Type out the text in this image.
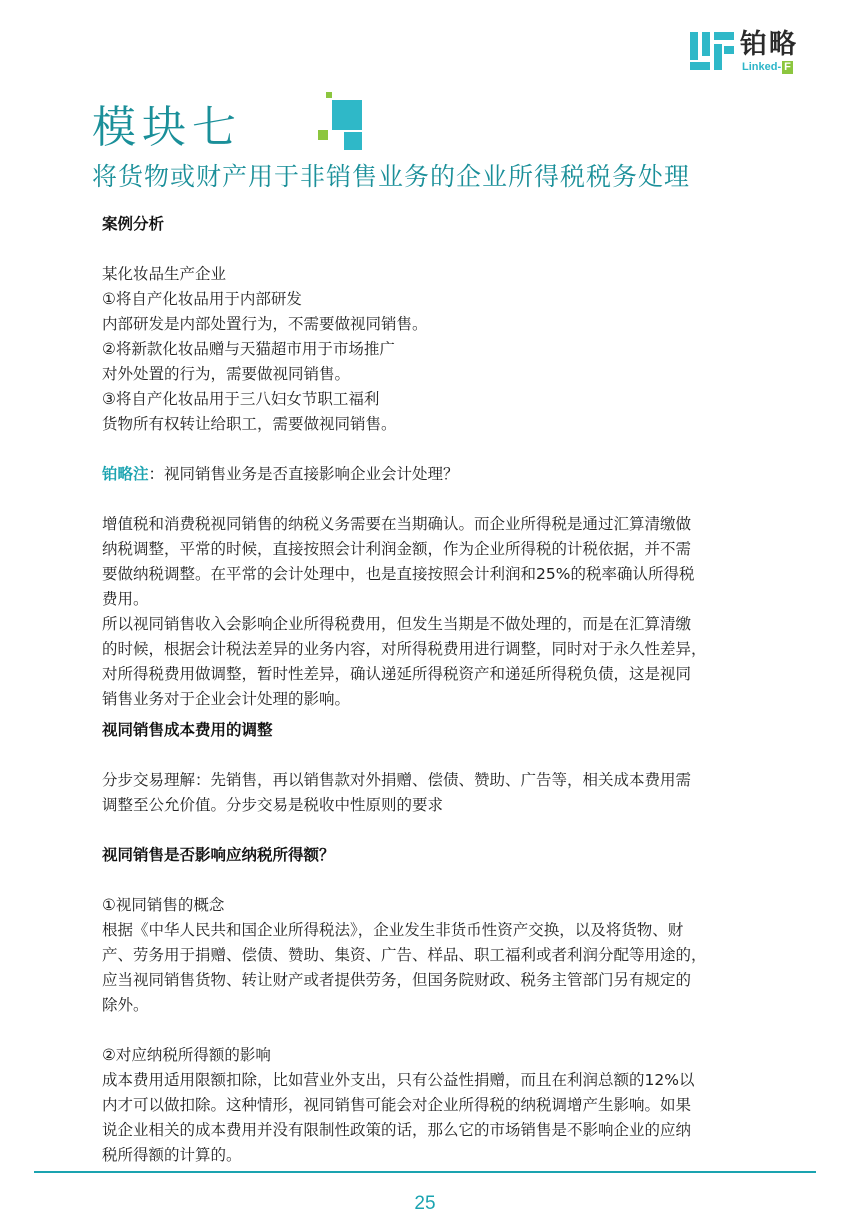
铂略
Linked- F
模块七
将货物或财产用于非销售业务的企业所得税税务处理

案例分析

某化妆品生产企业

①将自产化妆品用于内部研发

内部研发是内部处置行为，不需要做视同销售。

②将新款化妆品赠与天猫超市用于市场推广

对外处置的行为，需要做视同销售。

③将自产化妆品用于三八妇女节职工福利

货物所有权转让给职工，需要做视同销售。

铂略注：视同销售业务是否直接影响企业会计处理？

增值税和消费税视同销售的纳税义务需要在当期确认。而企业所得税是通过汇算清缴做

纳税调整，平常的时候，直接按照会计利润金额，作为企业所得税的计税依据，并不需

要做纳税调整。在平常的会计处理中，也是直接按照会计利润和25%的税率确认所得税

费用。

所以视同销售收入会影响企业所得税费用，但发生当期是不做处理的，而是在汇算清缴

的时候，根据会计税法差异的业务内容，对所得税费用进行调整，同时对于永久性差异，

对所得税费用做调整，暂时性差异，确认递延所得税资产和递延所得税负债，这是视同

销售业务对于企业会计处理的影响。

视同销售成本费用的调整

分步交易理解：先销售，再以销售款对外捐赠、偿债、赞助、广告等，相关成本费用需

调整至公允价值。分步交易是税收中性原则的要求

视同销售是否影响应纳税所得额？

①视同销售的概念

根据《中华人民共和国企业所得税法》，企业发生非货币性资产交换，以及将货物、财

产、劳务用于捐赠、偿债、赞助、集资、广告、样品、职工福利或者利润分配等用途的，

应当视同销售货物、转让财产或者提供劳务，但国务院财政、税务主管部门另有规定的

除外。

②对应纳税所得额的影响

成本费用适用限额扣除，比如营业外支出，只有公益性捐赠，而且在利润总额的12%以

内才可以做扣除。这种情形，视同销售可能会对企业所得税的纳税调增产生影响。如果

说企业相关的成本费用并没有限制性政策的话，那么它的市场销售是不影响企业的应纳

税所得额的计算的。

25
